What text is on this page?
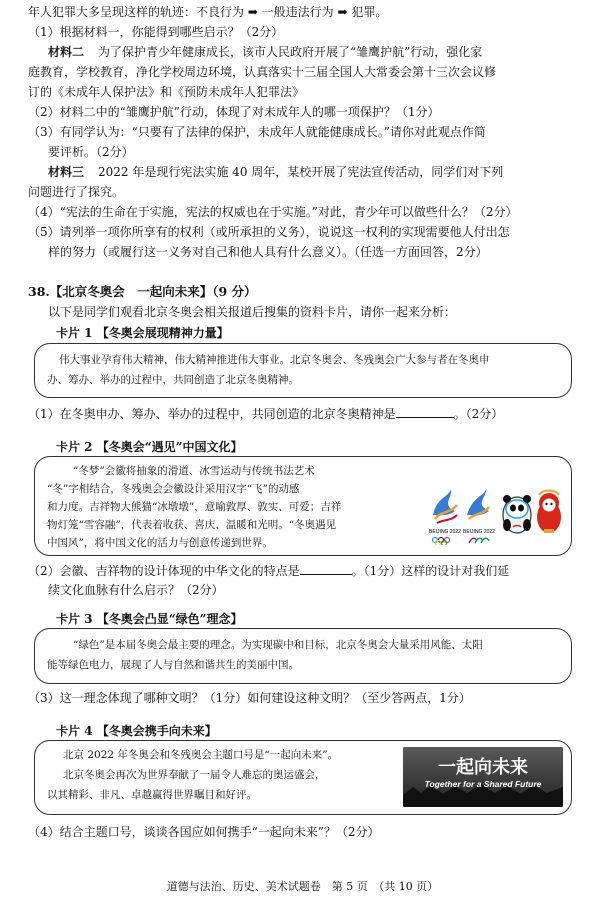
年人犯罪大多呈现这样的轨迹：不良行为 ➡ 一般违法行为 ➡ 犯罪。
（1）根据材料一，你能得到哪些启示？（2分）
材料二 为了保护青少年健康成长，该市人民政府开展了“雏鹰护航”行动，强化家
庭教育，学校教育，净化学校周边环境，认真落实十三届全国人大常委会第十三次会议修
订的《未成年人保护法》和《预防未成年人犯罪法》
（2）材料二中的“雏鹰护航”行动，体现了对未成年人的哪一项保护？（1分）
（3）有同学认为：“只要有了法律的保护，未成年人就能健康成长。”请你对此观点作简
要评析。（2分）
材料三 2022 年是现行宪法实施 40 周年，某校开展了宪法宣传活动，同学们对下列
问题进行了探究。
（4）“宪法的生命在于实施，宪法的权威也在于实施。”对此，青少年可以做些什么？（2分）
（5）请列举一项你所享有的权利（或所承担的义务），说说这一权利的实现需要他人付出怎
样的努力（或履行这一义务对自己和他人具有什么意义）。（任选一方面回答，2分）
38.【北京冬奥会　一起向未来】（9 分）
以下是同学们观看北京冬奥会相关报道后搜集的资料卡片，请你一起来分析：
卡片 1 【冬奥会展现精神力量】
伟大事业孕育伟大精神，伟大精神推进伟大事业。北京冬奥会、冬残奥会广大参与者在冬奥申
办、筹办、举办的过程中，共同创造了北京冬奥精神。
（1）在冬奥申办、筹办、举办的过程中，共同创造的北京冬奥精神是	。（2分）
卡片 2 【冬奥会“遇见”中国文化】
“冬梦”会徽将抽象的滑道、冰雪运动与传统书法艺术
“冬”字相结合，冬残奥会会徽设计采用汉字“飞”的动感
和力度。吉祥物大熊猫“冰墩墩”，意喻敦厚、敦实、可爱；吉祥
物灯笼“雪容融”，代表着收获、喜庆、温暖和光明。“冬奥遇见
中国风”，将中国文化的活力与创意传递到世界。
BEIJING 2022 BEIJING 2022
（2）会徽、吉祥物的设计体现的中华文化的特点是	。（1分）这样的设计对我们延
续文化血脉有什么启示？（2分）
卡片 3 【冬奥会凸显“绿色”理念】
“绿色”是本届冬奥会最主要的理念。为实现碳中和目标，北京冬奥会大量采用风能、太阳
能等绿色电力，展现了人与自然和谐共生的美丽中国。
（3）这一理念体现了哪种文明？（1分）如何建设这种文明？（至少答两点，1分）
卡片 4 【冬奥会携手向未来】
北京 2022 年冬奥会和冬残奥会主题口号是“一起向未来”。
北京冬奥会再次为世界奉献了一届令人难忘的奥运盛会，
以其精彩、非凡、卓越赢得世界瞩目和好评。
一起向未来
Together for a Shared Future
（4）结合主题口号，谈谈各国应如何携手“一起向未来”？（2分）
道德与法治、历史、美术试题卷　第 5 页　（共 10 页）
